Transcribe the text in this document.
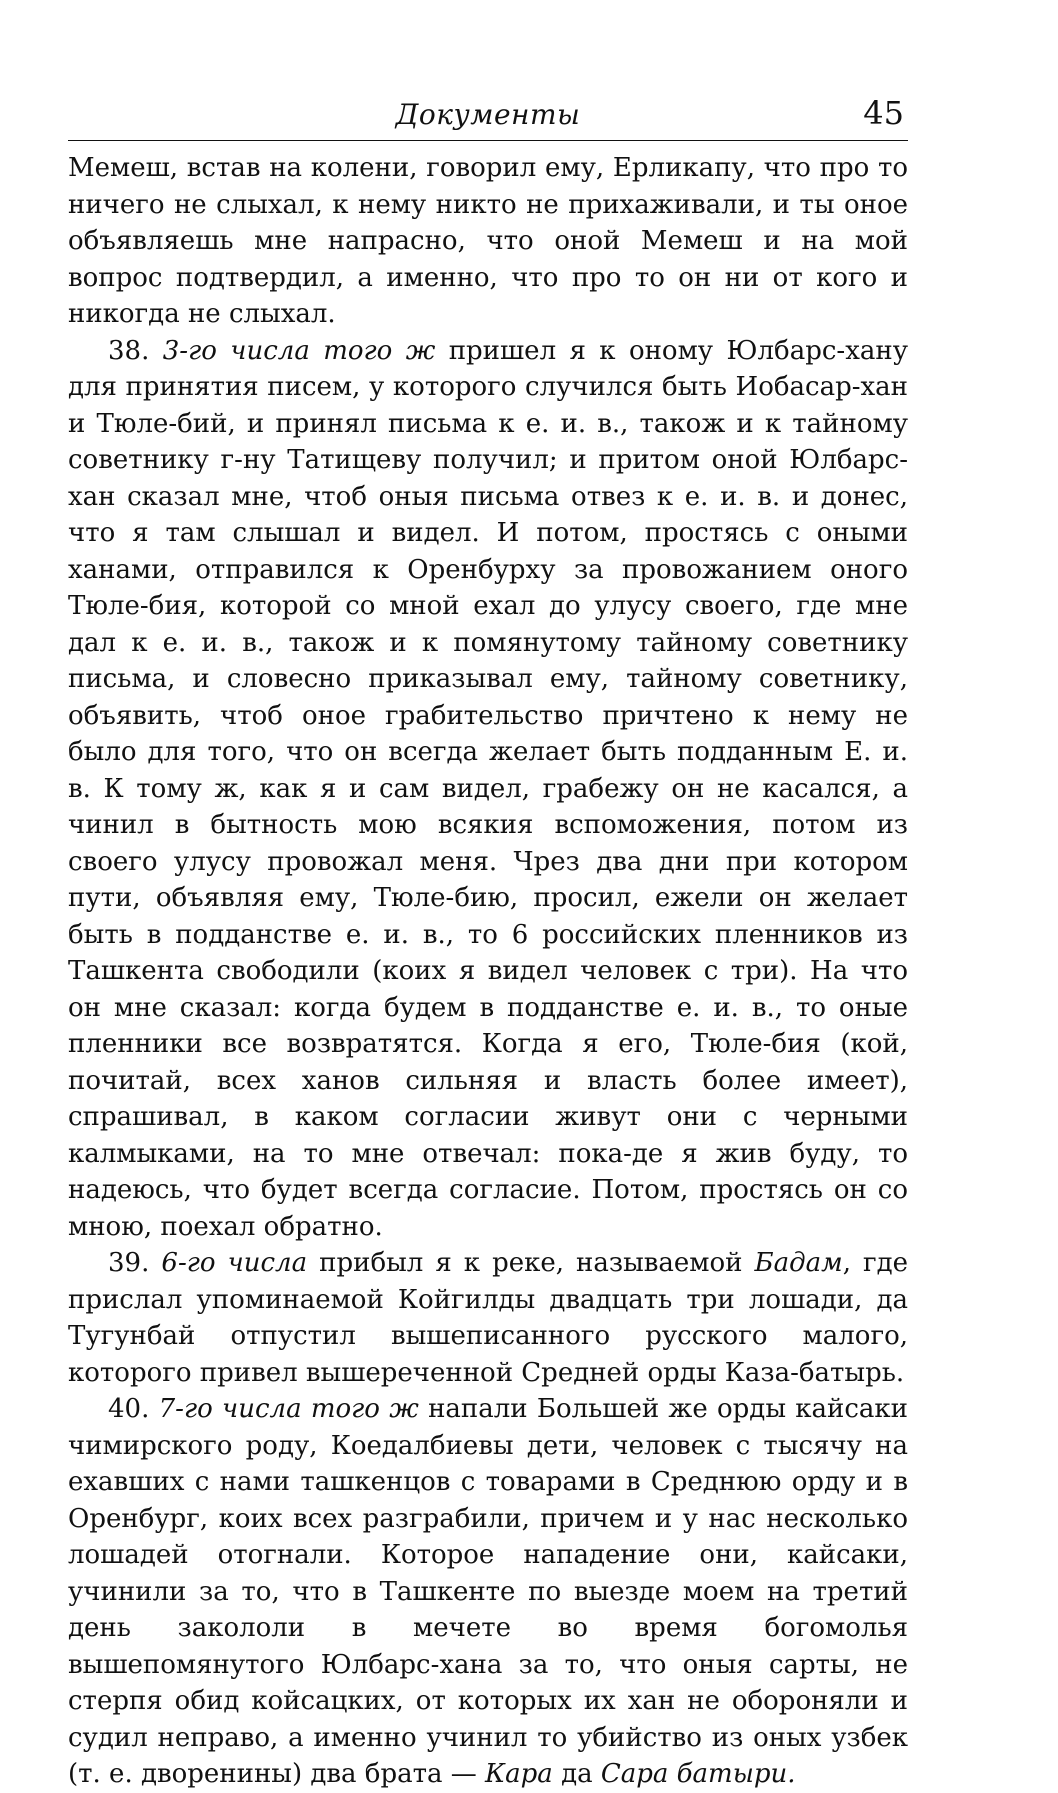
Документы	45

Мемеш, встав на колени, говорил ему, Ерликапу, что про то ничего не слыхал, к нему никто не прихаживали, и ты оное объявляешь мне напрасно, что оной Мемеш и на мой вопрос подтвердил, а именно, что про то он ни от кого и никогда не слыхал.

38. 3-го числа того ж пришел я к оному Юлбарс-хану для принятия писем, у которого случился быть Иобасар-хан и Тюле-бий, и принял письма к е. и. в., також и к тайному советнику г-ну Татищеву получил; и притом оной Юлбарс-хан сказал мне, чтоб оныя письма отвез к е. и. в. и донес, что я там слышал и видел. И потом, простясь с оными ханами, отправился к Оренбурху за провожанием оного Тюле-бия, которой со мной ехал до улусу своего, где мне дал к е. и. в., також и к помянутому тайному советнику письма, и словесно приказывал ему, тайному советнику, объявить, чтоб оное грабительство причтено к нему не было для того, что он всегда желает быть подданным Е. и. в. К тому ж, как я и сам видел, грабежу он не касался, а чинил в бытность мою всякия вспоможения, потом из своего улусу провожал меня. Чрез два дни при котором пути, объявляя ему, Тюле-бию, просил, ежели он желает быть в подданстве е. и. в., то 6 российских пленников из Ташкента свободили (коих я видел человек с три). На что он мне сказал: когда будем в подданстве е. и. в., то оные пленники все возвратятся. Когда я его, Тюле-бия (кой, почитай, всех ханов сильняя и власть более имеет), спрашивал, в каком согласии живут они с черными калмыками, на то мне отвечал: пока-де я жив буду, то надеюсь, что будет всегда согласие. Потом, простясь он со мною, поехал обратно.

39. 6-го числа прибыл я к реке, называемой Бадам, где прислал упоминаемой Койгилды двадцать три лошади, да Тугунбай отпустил вышеписанного русского малого, которого привел вышереченной Средней орды Каза-батырь.

40. 7-го числа того ж напали Большей же орды кайсаки чимирского роду, Коедалбиевы дети, человек с тысячу на ехавших с нами ташкенцов с товарами в Среднюю орду и в Оренбург, коих всех разграбили, причем и у нас несколько лошадей отогнали. Которое нападение они, кайсаки, учинили за то, что в Ташкенте по выезде моем на третий день закололи в мечете во время богомолья вышепомянутого Юлбарс-хана за то, что оныя сарты, не стерпя обид койсацких, от которых их хан не обороняли и судил неправо, а именно учинил то убийство из оных узбек (т. е. дворенины) два брата — Кара да Сара батыри.
